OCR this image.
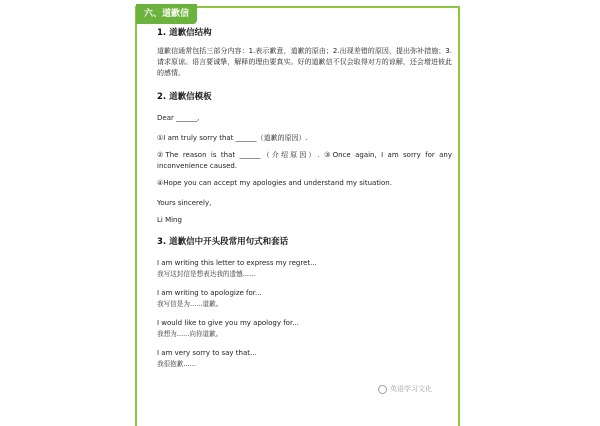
六、道歉信

1. 道歉信结构

道歉信通常包括三部分内容：1.表示歉意，道歉的原由；2.出现差错的原因，提出弥补措施；3.请求原谅。语言要诚挚，解释的理由要真实。好的道歉信不仅会取得对方的谅解，还会增进彼此的感情。

2. 道歉信模板

Dear ______,

①I am truly sorry that ______（道歉的原因）.

②The reason is that ______（介绍原因）. ③Once again, I am sorry for any inconvenience caused.

④Hope you can accept my apologies and understand my situation.

Yours sincerely,

Li Ming

3. 道歉信中开头段常用句式和套话

I am writing this letter to express my regret...

我写这封信是想表达我的遗憾......

I am writing to apologize for...

我写信是为......道歉。

I would like to give you my apology for...

我想为......向你道歉。

I am very sorry to say that...

我很抱歉......

英语学习文化
